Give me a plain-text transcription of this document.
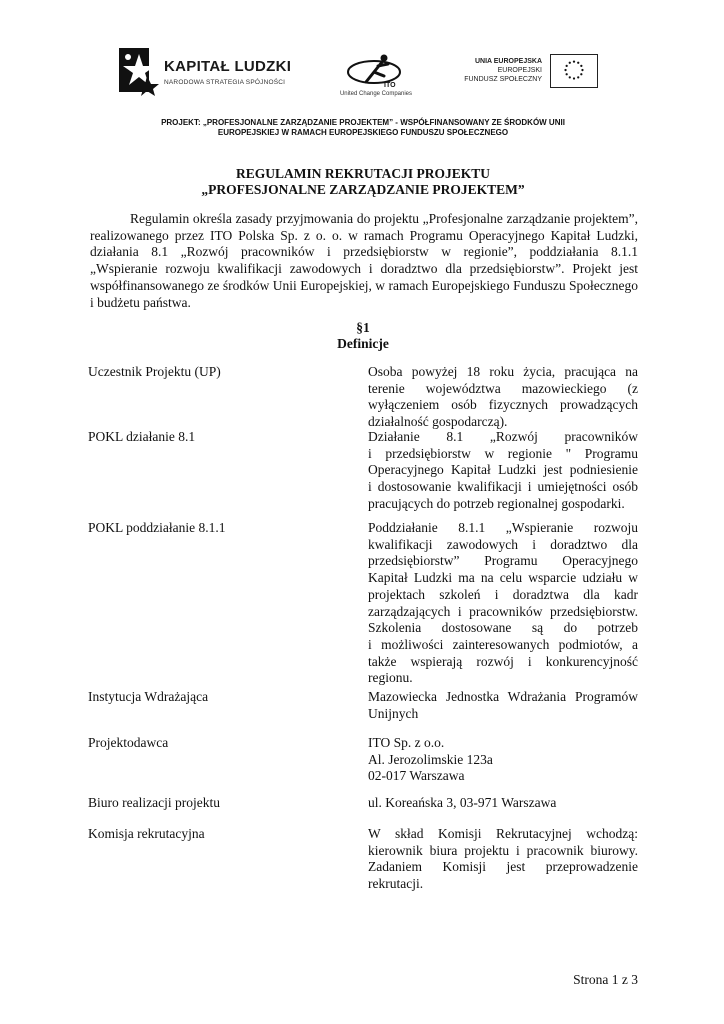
KAPITAŁ LUDZKI
NARODOWA STRATEGIA SPÓJNOŚCI	ITO
United Change Companies
UNIA EUROPEJSKA
EUROPEJSKI
FUNDUSZ SPOŁECZNY
PROJEKT: „PROFESJONALNE ZARZĄDZANIE PROJEKTEM” - WSPÓŁFINANSOWANY ZE ŚRODKÓW UNII
EUROPEJSKIEJ W RAMACH EUROPEJSKIEGO FUNDUSZU SPOŁECZNEGO
REGULAMIN REKRUTACJI PROJEKTU
„PROFESJONALNE ZARZĄDZANIE PROJEKTEM”
Regulamin określa zasady przyjmowania do projektu „Profesjonalne zarządzanie projektem”,
realizowanego przez ITO Polska Sp. z o. o. w ramach Programu Operacyjnego Kapitał Ludzki,
działania 8.1 „Rozwój pracowników i przedsiębiorstw w regionie”, poddziałania 8.1.1
„Wspieranie rozwoju kwalifikacji zawodowych i doradztwo dla przedsiębiorstw”. Projekt jest
współfinansowanego ze środków Unii Europejskiej, w ramach Europejskiego Funduszu Społecznego
i budżetu państwa.
§1
Definicje
Uczestnik Projektu (UP)	Osoba powyżej 18 roku życia, pracująca na
terenie województwa mazowieckiego (z
wyłączeniem osób fizycznych prowadzących
działalność gospodarczą).
POKL działanie 8.1	Działanie 8.1 „Rozwój pracowników
i przedsiębiorstw w regionie " Programu
Operacyjnego Kapitał Ludzki jest podniesienie
i dostosowanie kwalifikacji i umiejętności osób
pracujących do potrzeb regionalnej gospodarki.
POKL poddziałanie 8.1.1	Poddziałanie 8.1.1 „Wspieranie rozwoju
kwalifikacji zawodowych i doradztwo dla
przedsiębiorstw” Programu Operacyjnego
Kapitał Ludzki ma na celu wsparcie udziału w
projektach szkoleń i doradztwa dla kadr
zarządzających i pracowników przedsiębiorstw.
Szkolenia dostosowane są do potrzeb
i możliwości zainteresowanych podmiotów, a
także wspierają rozwój i konkurencyjność
regionu.
Instytucja Wdrażająca	Mazowiecka Jednostka Wdrażania Programów
Unijnych
Projektodawca	ITO Sp. z o.o.
Al. Jerozolimskie 123a
02-017 Warszawa
Biuro realizacji projektu	ul. Koreańska 3, 03-971 Warszawa
Komisja rekrutacyjna	W skład Komisji Rekrutacyjnej wchodzą:
kierownik biura projektu i pracownik biurowy.
Zadaniem Komisji jest przeprowadzenie
rekrutacji.
Strona 1 z 3
